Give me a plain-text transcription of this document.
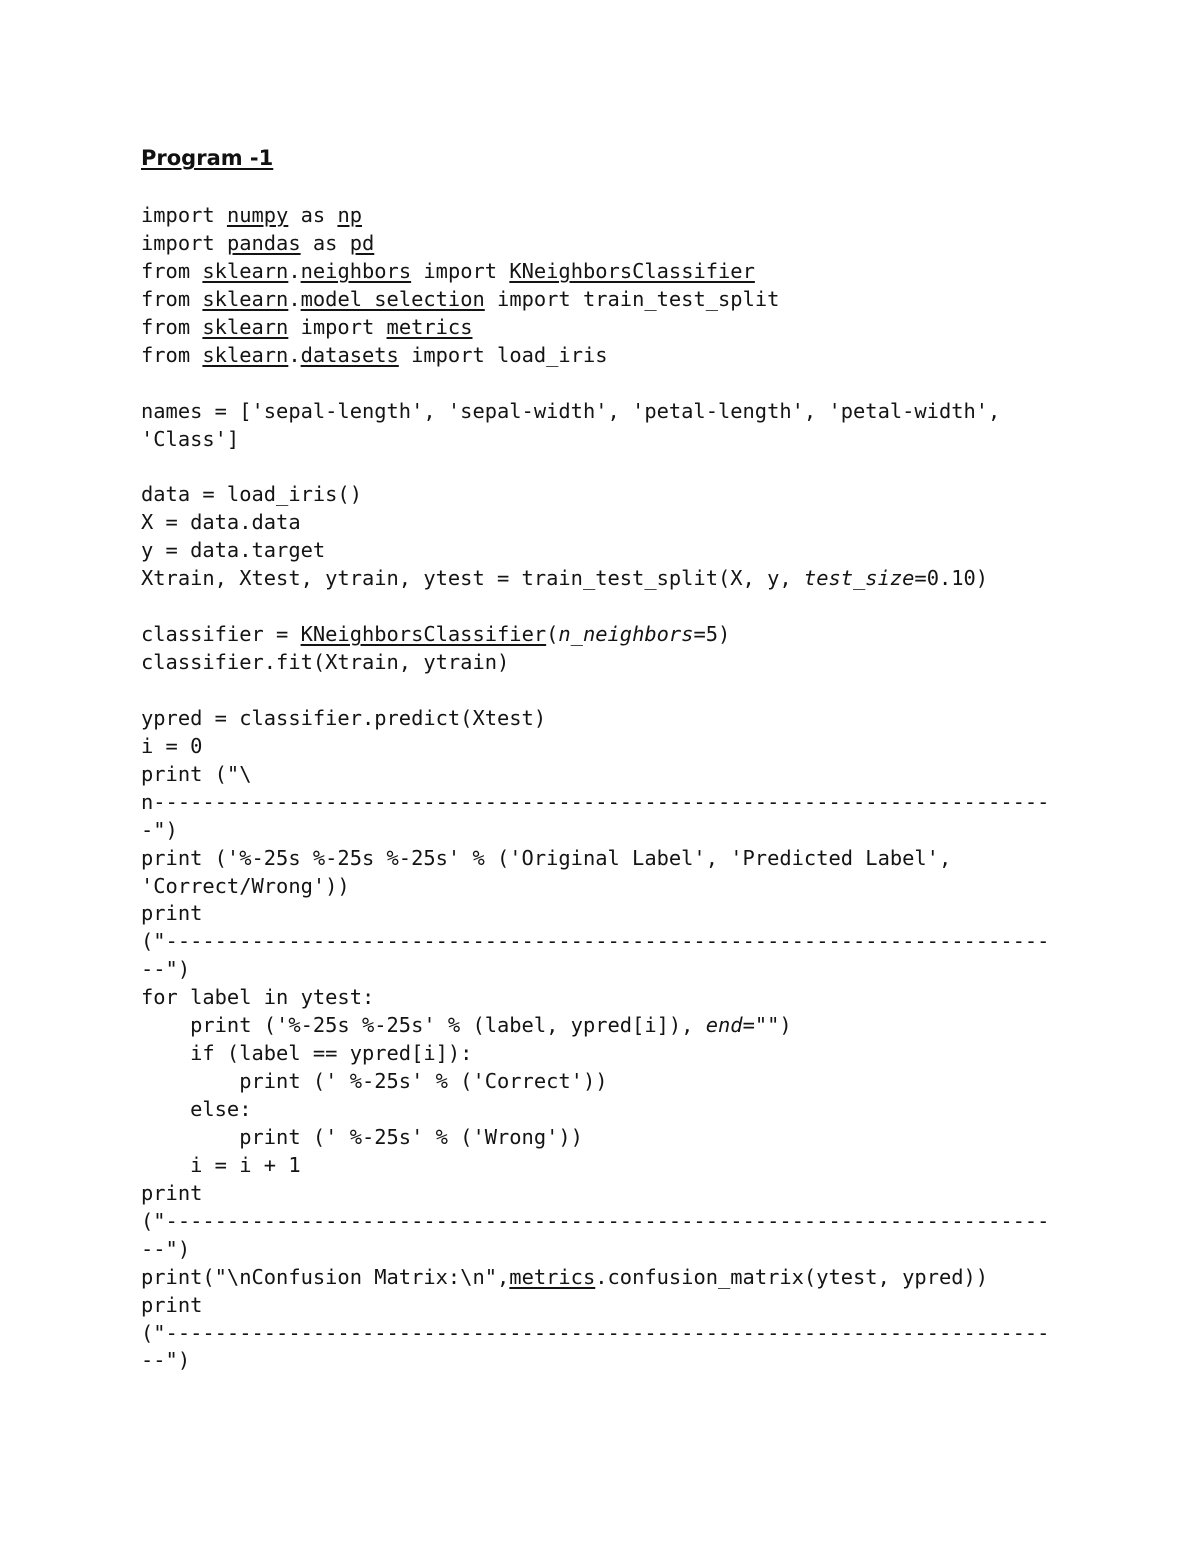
Program -1
import numpy as np
import pandas as pd
from sklearn.neighbors import KNeighborsClassifier
from sklearn.model_selection import train_test_split
from sklearn import metrics
from sklearn.datasets import load_iris
names = ['sepal-length', 'sepal-width', 'petal-length', 'petal-width',
'Class']
data = load_iris()
X = data.data
y = data.target
Xtrain, Xtest, ytrain, ytest = train_test_split(X, y, test_size=0.10)
classifier = KNeighborsClassifier(n_neighbors=5)
classifier.fit(Xtrain, ytrain)
ypred = classifier.predict(Xtest)
i = 0
print ("\
n-------------------------------------------------------------------------
-")
print ('%-25s %-25s %-25s' % ('Original Label', 'Predicted Label',
'Correct/Wrong'))
print
("------------------------------------------------------------------------
--")
for label in ytest:
print ('%-25s %-25s' % (label, ypred[i]), end="")
if (label == ypred[i]):
print (' %-25s' % ('Correct'))
else:
print (' %-25s' % ('Wrong'))
i = i + 1
print
("------------------------------------------------------------------------
--")
print("\nConfusion Matrix:\n",metrics.confusion_matrix(ytest, ypred))
print
("------------------------------------------------------------------------
--")
